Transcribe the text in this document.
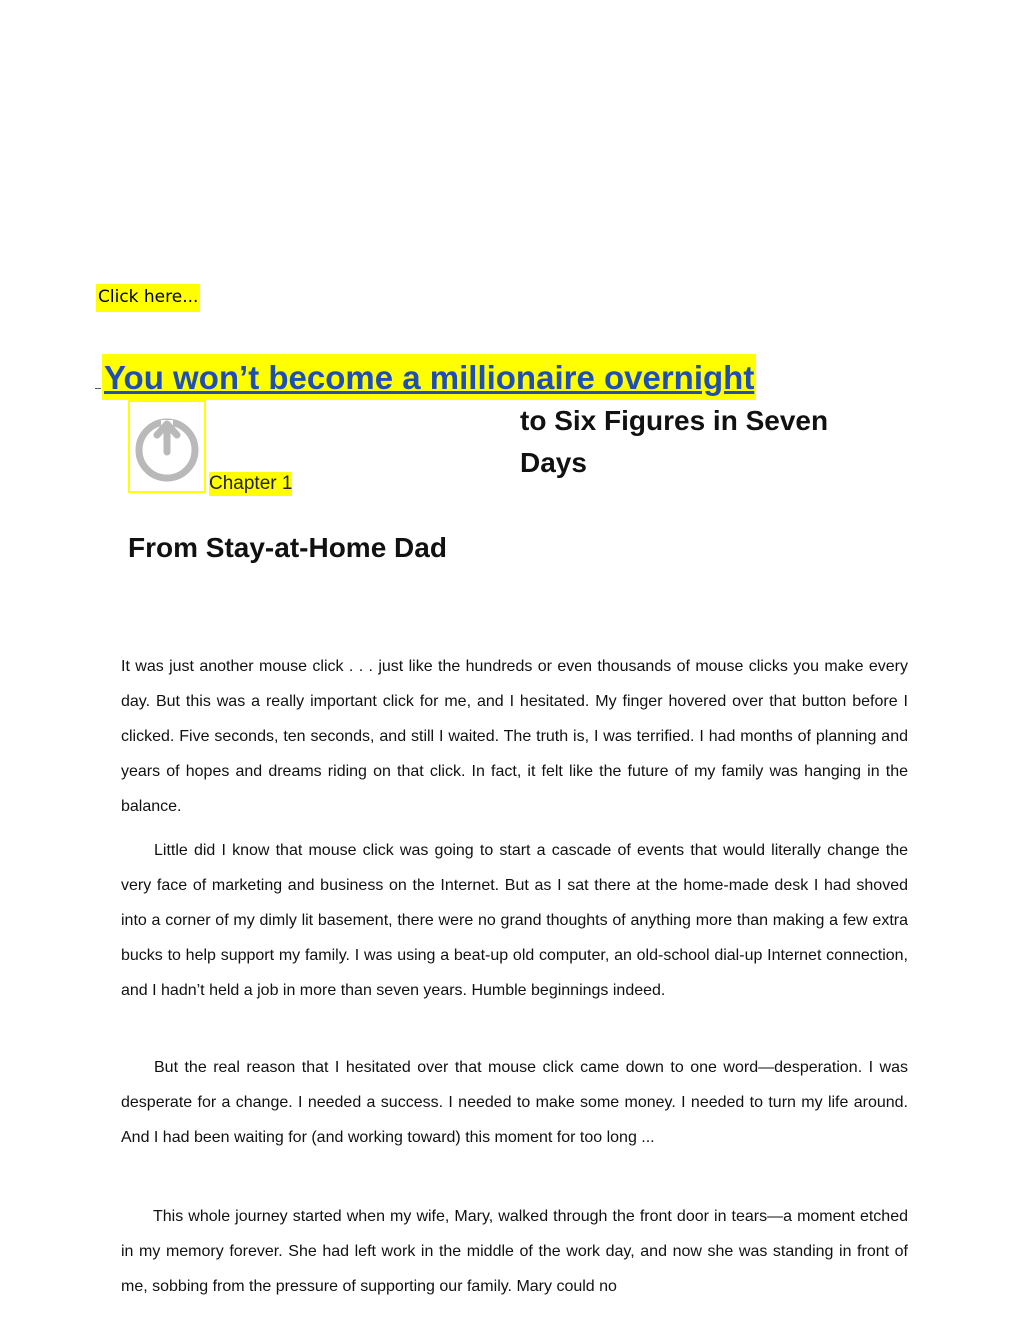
Click here...
You won’t become a millionaire overnight
Chapter 1
to Six Figures in Seven Days
From Stay-at-Home Dad

It was just another mouse click . . . just like the hundreds or even thousands of mouse clicks you make every day. But this was a really important click for me, and I hesitated. My finger hovered over that button before I clicked. Five seconds, ten seconds, and still I waited. The truth is, I was terrified. I had months of planning and years of hopes and dreams riding on that click. In fact, it felt like the future of my family was hanging in the balance.

Little did I know that mouse click was going to start a cascade of events that would literally change the very face of marketing and business on the Internet. But as I sat there at the home-made desk I had shoved into a corner of my dimly lit basement, there were no grand thoughts of anything more than making a few extra bucks to help support my family. I was using a beat-up old computer, an old-school dial-up Internet connection, and I hadn’t held a job in more than seven years. Humble beginnings indeed.

But the real reason that I hesitated over that mouse click came down to one word—desperation. I was desperate for a change. I needed a success. I needed to make some money. I needed to turn my life around. And I had been waiting for (and working toward) this moment for too long ...

This whole journey started when my wife, Mary, walked through the front door in tears—a moment etched in my memory forever. She had left work in the middle of the work day, and now she was standing in front of me, sobbing from the pressure of supporting our family. Mary could no
